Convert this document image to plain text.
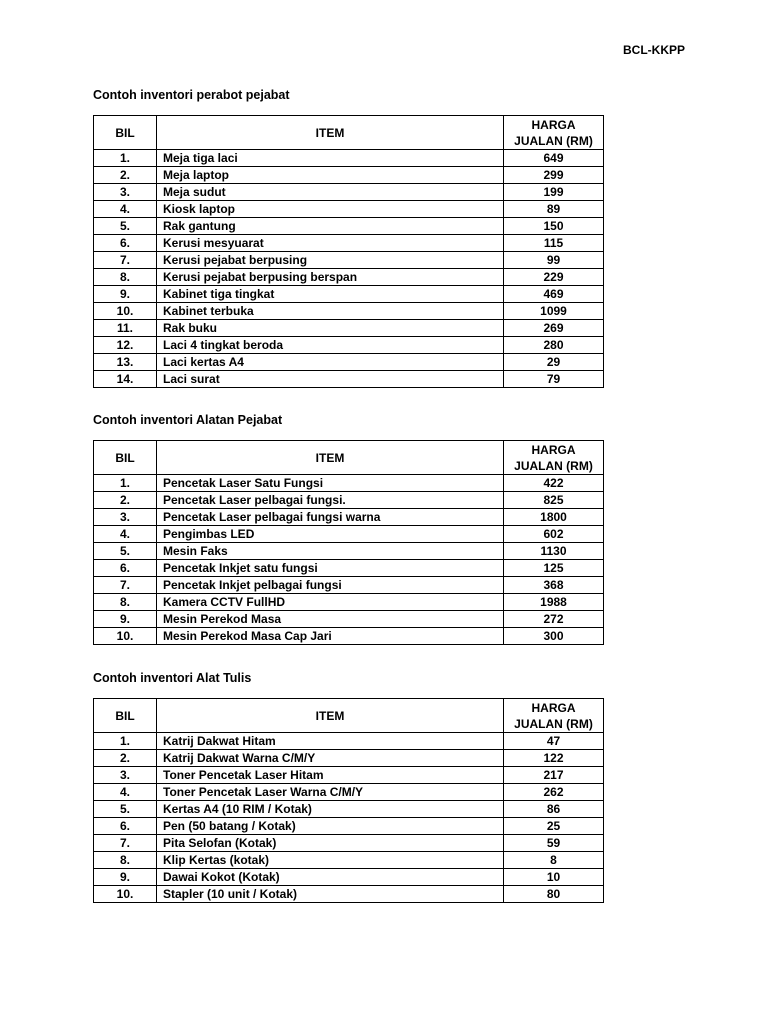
BCL-KKPP
Contoh inventori perabot pejabat
BIL	ITEM	HARGA
JUALAN (RM)

1.	Meja tiga laci	649
2.	Meja laptop	299
3.	Meja sudut	199
4.	Kiosk laptop	89
5.	Rak gantung	150
6.	Kerusi mesyuarat	115
7.	Kerusi pejabat berpusing	99
8.	Kerusi pejabat berpusing berspan	229
9.	Kabinet tiga tingkat	469
10.	Kabinet terbuka	1099
11.	Rak buku	269
12.	Laci 4 tingkat beroda	280
13.	Laci kertas A4	29
14.	Laci surat	79
Contoh inventori Alatan Pejabat
BIL	ITEM	HARGA
JUALAN (RM)

1.	Pencetak Laser Satu Fungsi	422
2.	Pencetak Laser pelbagai fungsi.	825
3.	Pencetak Laser pelbagai fungsi warna	1800
4.	Pengimbas LED	602
5.	Mesin Faks	1130
6.	Pencetak Inkjet satu fungsi	125
7.	Pencetak Inkjet pelbagai fungsi	368
8.	Kamera CCTV FullHD	1988
9.	Mesin Perekod Masa	272
10.	Mesin Perekod Masa Cap Jari	300
Contoh inventori Alat Tulis
BIL	ITEM	HARGA
JUALAN (RM)

1.	Katrij Dakwat Hitam	47
2.	Katrij Dakwat Warna C/M/Y	122
3.	Toner Pencetak Laser Hitam	217
4.	Toner Pencetak Laser Warna C/M/Y	262
5.	Kertas A4 (10 RIM / Kotak)	86
6.	Pen (50 batang / Kotak)	25
7.	Pita Selofan (Kotak)	59
8.	Klip Kertas (kotak)	8
9.	Dawai Kokot (Kotak)	10
10.	Stapler (10 unit / Kotak)	80
